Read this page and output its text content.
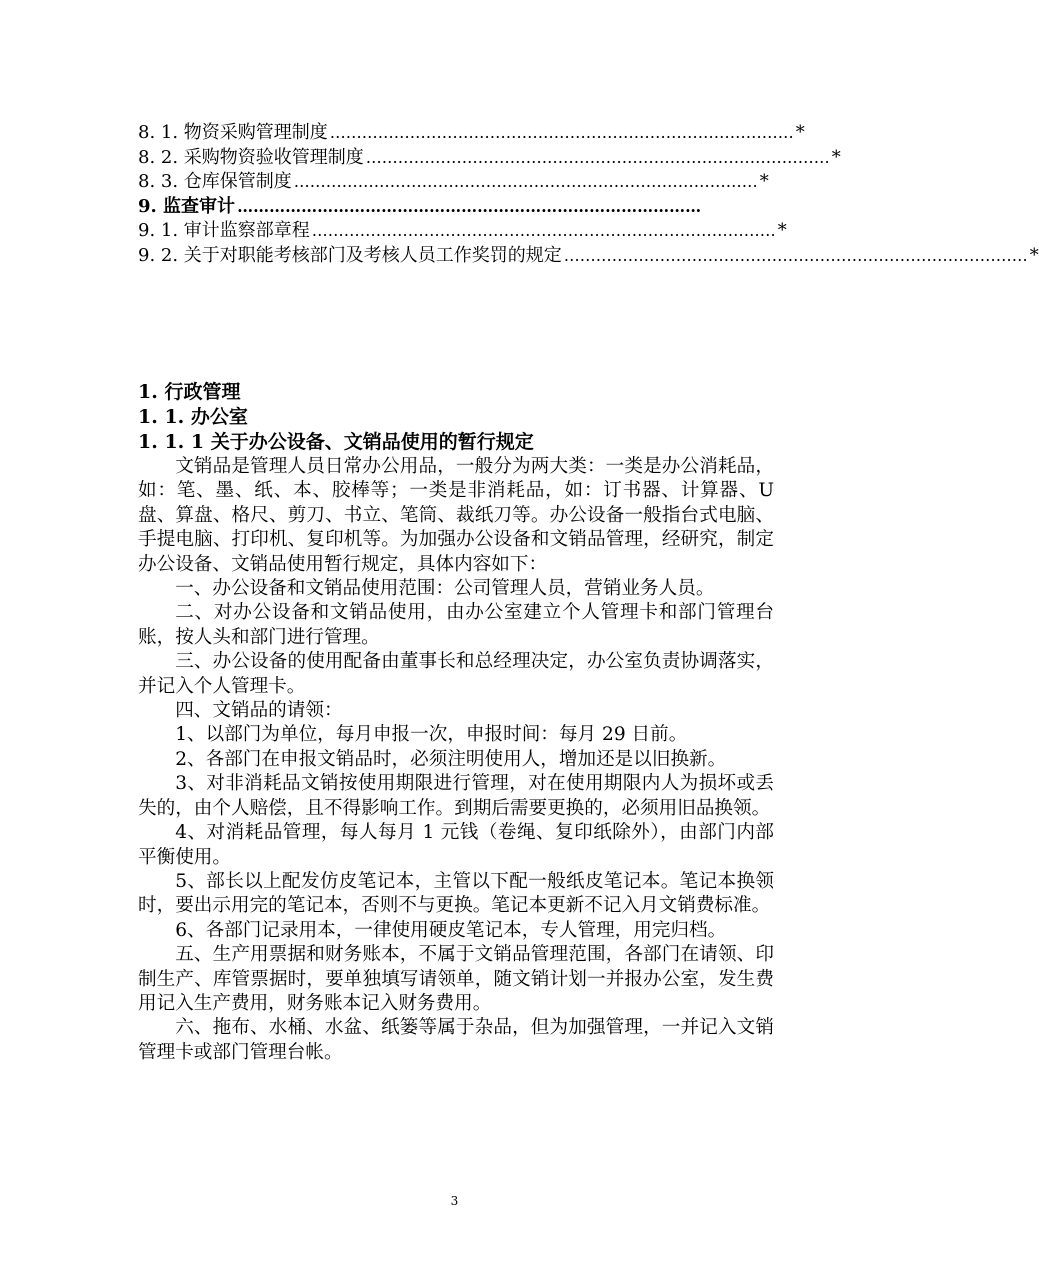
8. 1. 物资采购管理制度 …………………………………………………………………………… *
8. 2. 采购物资验收管理制度 …………………………………………………………………………… *
8. 3. 仓库保管制度 …………………………………………………………………………… *
9. 监查审计 ……………………………………………………………………………
9. 1. 审计监察部章程 …………………………………………………………………………… *
9. 2. 关于对职能考核部门及考核人员工作奖罚的规定 …………………………………………………………………………… *
1. 行政管理
1. 1. 办公室
1. 1. 1 关于办公设备、文销品使用的暂行规定

文销品是管理人员日常办公用品，一般分为两大类：一类是办公消耗品，如：笔、墨、纸、本、胶棒等；一类是非消耗品，如：订书器、计算器、U盘、算盘、格尺、剪刀、书立、笔筒、裁纸刀等。办公设备一般指台式电脑、手提电脑、打印机、复印机等。为加强办公设备和文销品管理，经研究，制定办公设备、文销品使用暂行规定，具体内容如下：

一、办公设备和文销品使用范围：公司管理人员，营销业务人员。

二、对办公设备和文销品使用，由办公室建立个人管理卡和部门管理台账，按人头和部门进行管理。

三、办公设备的使用配备由董事长和总经理决定，办公室负责协调落实，并记入个人管理卡。

四、文销品的请领：

1、以部门为单位，每月申报一次，申报时间：每月 29 日前。

2、各部门在申报文销品时，必须注明使用人，增加还是以旧换新。

3、对非消耗品文销按使用期限进行管理，对在使用期限内人为损坏或丢失的，由个人赔偿，且不得影响工作。到期后需要更换的，必须用旧品换领。

4、对消耗品管理，每人每月 1 元钱（卷绳、复印纸除外），由部门内部平衡使用。

5、部长以上配发仿皮笔记本，主管以下配一般纸皮笔记本。笔记本换领时，要出示用完的笔记本，否则不与更换。笔记本更新不记入月文销费标准。

6、各部门记录用本，一律使用硬皮笔记本，专人管理，用完归档。

五、生产用票据和财务账本，不属于文销品管理范围，各部门在请领、印制生产、库管票据时，要单独填写请领单，随文销计划一并报办公室，发生费用记入生产费用，财务账本记入财务费用。

六、拖布、水桶、水盆、纸篓等属于杂品，但为加强管理，一并记入文销管理卡或部门管理台帐。

3
